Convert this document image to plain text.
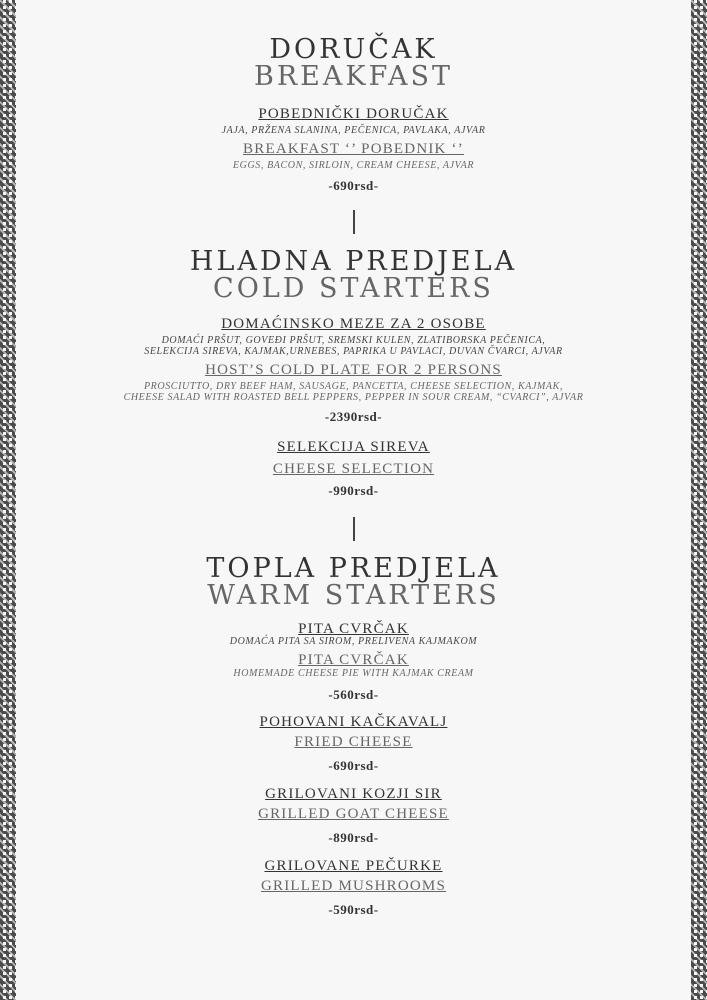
DORUČAK
BREAKFAST
POBEDNIČKI DORUČAK
JAJA, PRŽENA SLANINA, PEČENICA, PAVLAKA, AJVAR
BREAKFAST ‘’ POBEDNIK ‘’
EGGS, BACON, SIRLOIN, CREAM CHEESE, AJVAR
-690rsd-
HLADNA PREDJELA
COLD STARTERS
DOMAĆINSKO MEZE ZA 2 OSOBE
DOMAĆI PRŠUT, GOVEĐI PRŠUT, SREMSKI KULEN, ZLATIBORSKA PEČENICA,
SELEKCIJA SIREVA, KAJMAK,URNEBES, PAPRIKA U PAVLACI, DUVAN ČVARCI, AJVAR
HOST’S COLD PLATE FOR 2 PERSONS
PROSCIUTTO, DRY BEEF HAM, SAUSAGE, PANCETTA, CHEESE SELECTION, KAJMAK,
CHEESE SALAD WITH ROASTED BELL PEPPERS, PEPPER IN SOUR CREAM, “CVARCI”, AJVAR
-2390rsd-
SELEKCIJA SIREVA
CHEESE SELECTION
-990rsd-
TOPLA PREDJELA
WARM STARTERS
PITA CVRČAK
DOMAĆA PITA SA SIROM, PRELIVENA KAJMAKOM
PITA CVRČAK
HOMEMADE CHEESE PIE WITH KAJMAK CREAM
-560rsd-
POHOVANI KAČKAVALJ
FRIED CHEESE
-690rsd-
GRILOVANI KOZJI SIR
GRILLED GOAT CHEESE
-890rsd-
GRILOVANE PEČURKE
GRILLED MUSHROOMS
-590rsd-
